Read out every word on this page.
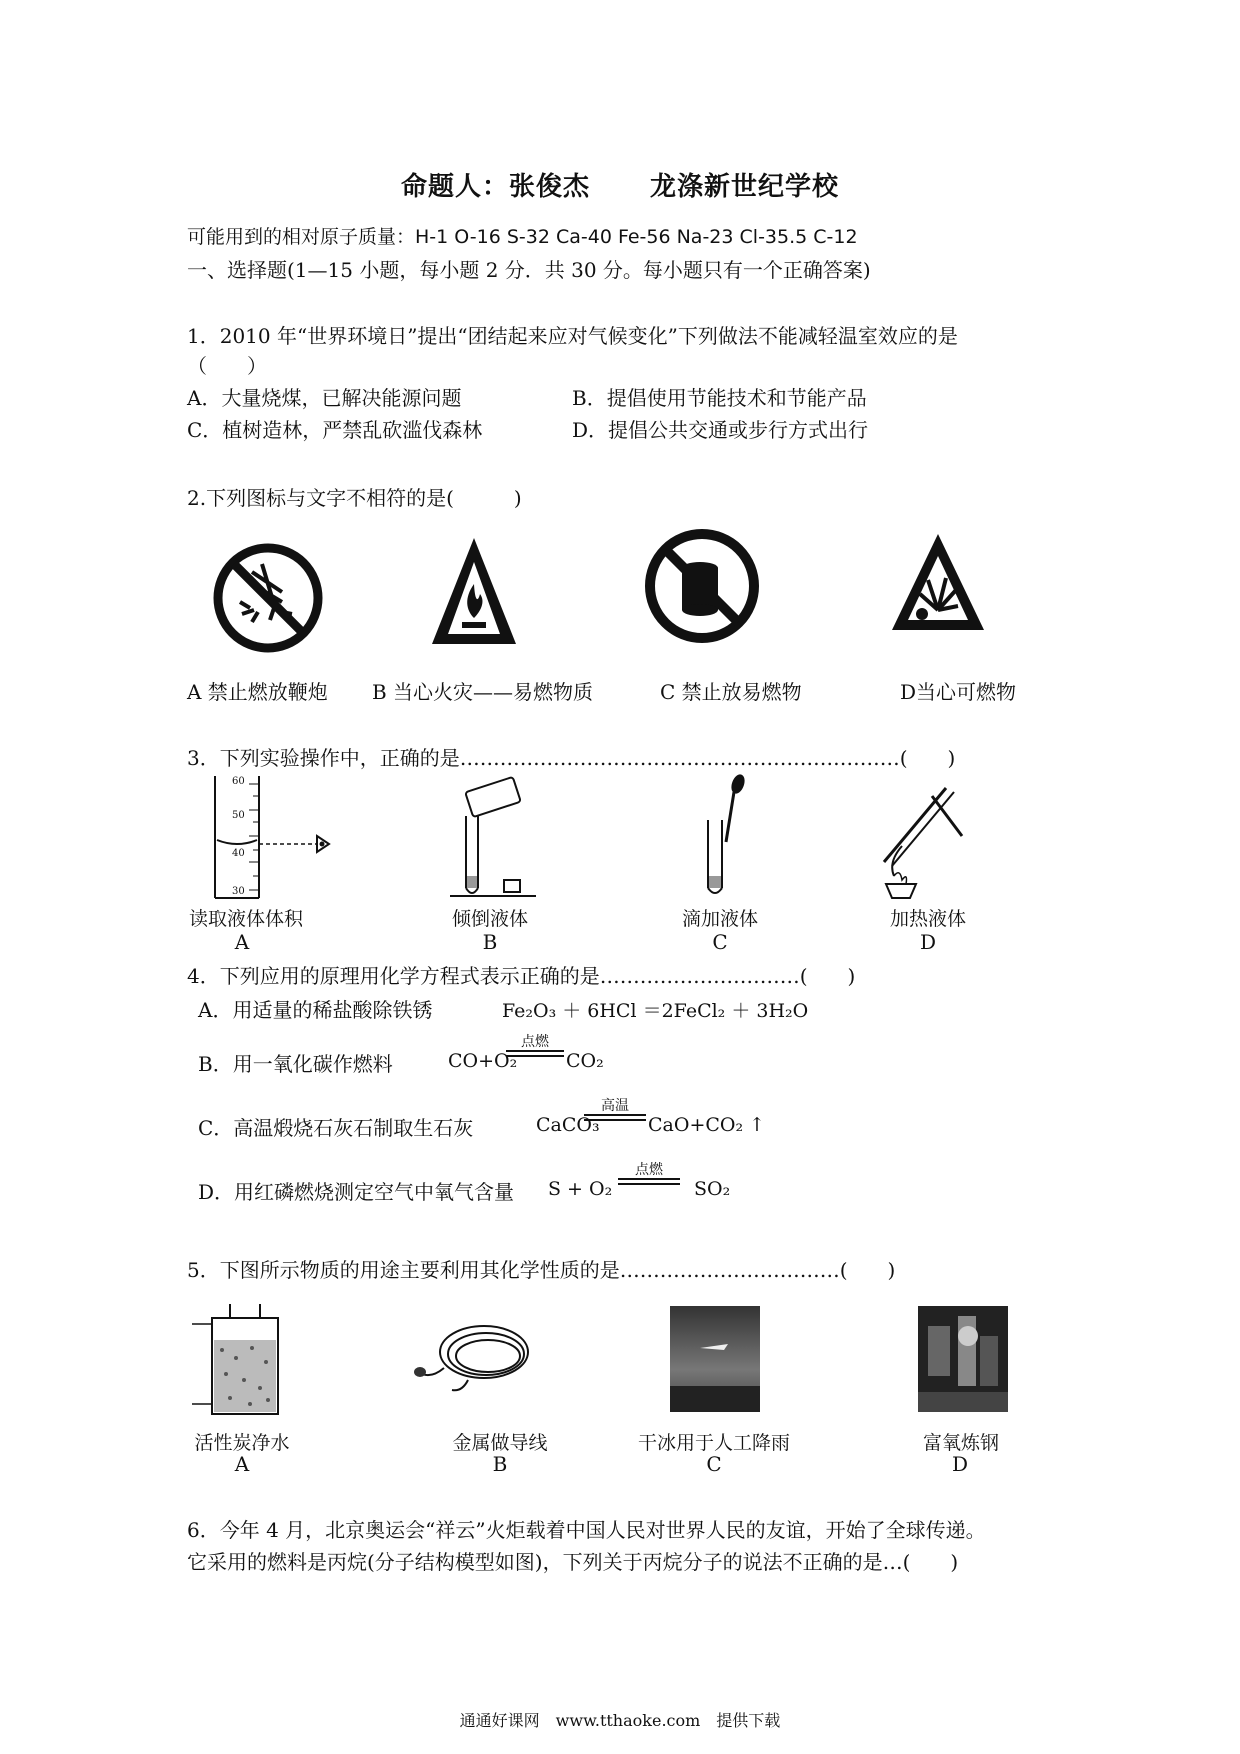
命题人：张俊杰 龙涤新世纪学校
可能用到的相对原子质量：H-1 O-16 S-32 Ca-40 Fe-56 Na-23 Cl-35.5 C-12
一、选择题(1—15 小题，每小题 2 分．共 30 分。每小题只有一个正确答案)
1．2010 年“世界环境日”提出“团结起来应对气候变化”下列做法不能减轻温室效应的是
（　　）
A．大量烧煤，已解决能源问题	B．提倡使用节能技术和节能产品
C．植树造林，严禁乱砍滥伐森林	D．提倡公共交通或步行方式出行
2.下列图标与文字不相符的是(　　　)
A 禁止燃放鞭炮 B 当心火灾——易燃物质	C 禁止放易燃物	D当心可燃物
3．下列实验操作中，正确的是…………………………………………………………(　　)
60
50
40
30
读取液体体积	倾倒液体	滴加液体	加热液体
A	B	C	D
4．下列应用的原理用化学方程式表示正确的是…………………………(　　)
A．用适量的稀盐酸除铁锈	Fe₂O₃ ＋ 6HCl ＝2FeCl₂ ＋ 3H₂O
B．用一氧化碳作燃料	CO+O₂
点燃
CO₂
C．高温煅烧石灰石制取生石灰	CaCO₃
高温
CaO+CO₂ ↑
D．用红磷燃烧测定空气中氧气含量 S + O₂
点燃
SO₂
5．下图所示物质的用途主要利用其化学性质的是……………………………(　　)
活性炭净水	金属做导线	干冰用于人工降雨	富氧炼钢
A	B	C	D
6．今年 4 月，北京奥运会“祥云”火炬载着中国人民对世界人民的友谊，开始了全球传递。
它采用的燃料是丙烷(分子结构模型如图)，下列关于丙烷分子的说法不正确的是…(　　)
通通好课网　www.tthaoke.com　提供下载
